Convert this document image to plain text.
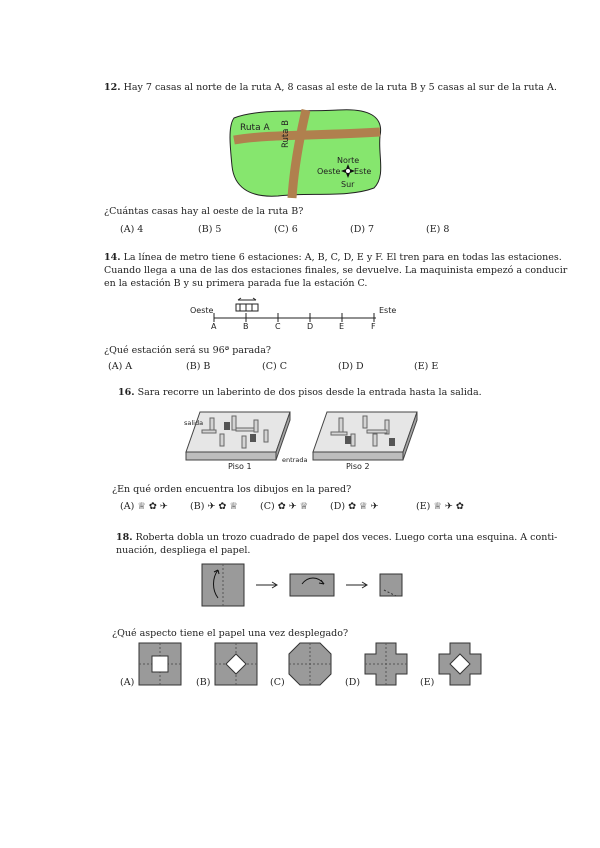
12. Hay 7 casas al norte de la ruta A, 8 casas al este de la ruta B y 5 casas al sur de la ruta A.
Ruta A Ruta B
Norte
Oeste Este
Sur
¿Cuántas casas hay al oeste de la ruta B?
(A) 4	(B) 5	(C) 6	(D) 7	(E) 8
14. La línea de metro tiene 6 estaciones: A, B, C, D, E y F. El tren para en todas las estaciones.
Cuando llega a una de las dos estaciones finales, se devuelve. La maquinista empezó a conducir
en la estación B y su primera parada fue la estación C.
Oeste	Este
A	B	C	D	E	F
¿Qué estación será su 96ª parada?
(A) A	(B) B	(C) C	(D) D	(E) E
16. Sara recorre un laberinto de dos pisos desde la entrada hasta la salida.
salida
entrada
Piso 1	Piso 2
¿En qué orden encuentra los dibujos en la pared?
(A) ♕ ✿ ✈ (B) ✈ ✿ ♕ (C) ✿ ✈ ♕ (D) ✿ ♕ ✈	(E) ♕ ✈ ✿
18. Roberta dobla un trozo cuadrado de papel dos veces. Luego corta una esquina. A conti-
nuación, despliega el papel.
¿Qué aspecto tiene el papel una vez desplegado?
(A)	(B)	(C)	(D)	(E)
